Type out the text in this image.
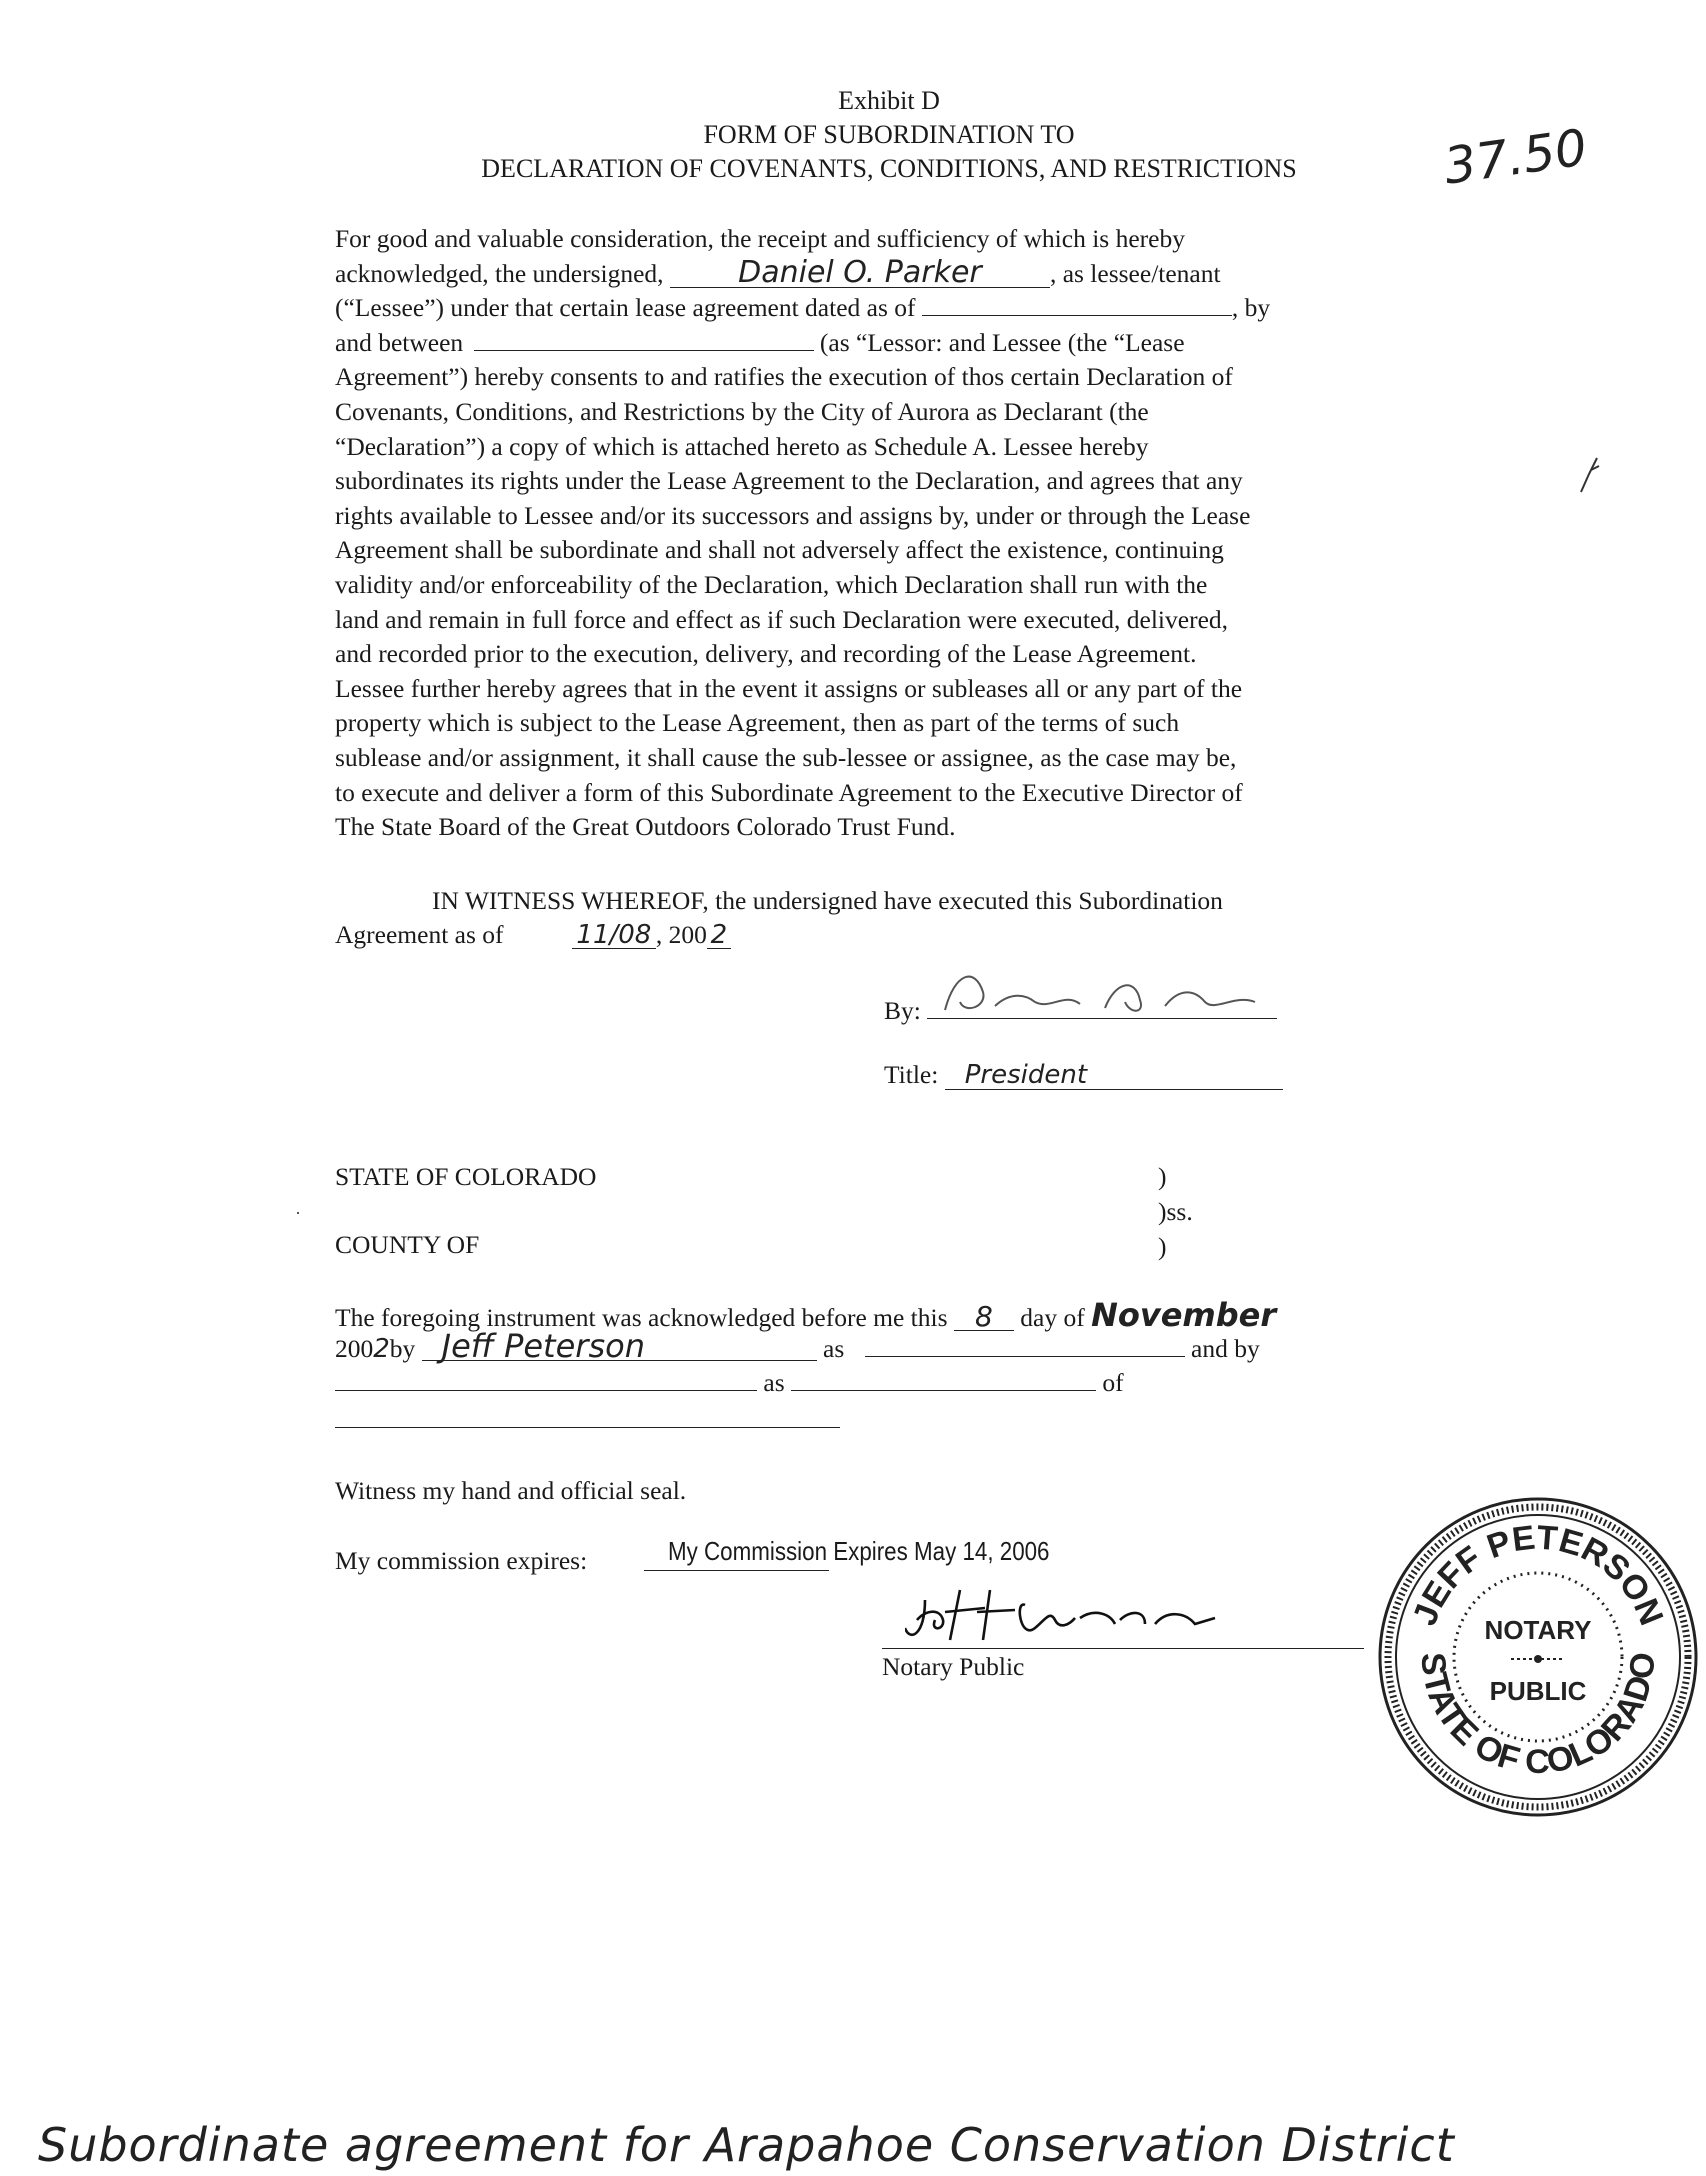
Exhibit D
FORM OF SUBORDINATION TO
DECLARATION OF COVENANTS, CONDITIONS, AND RESTRICTIONS	37.50
For good and valuable consideration, the receipt and sufficiency of which is hereby
acknowledged, the undersigned, Daniel O. Parker	, as lessee/tenant
(“Lessee”) under that certain lease agreement dated as of	, by
and between	(as “Lessor: and Lessee (the “Lease
Agreement”) hereby consents to and ratifies the execution of thos certain Declaration of
Covenants, Conditions, and Restrictions by the City of Aurora as Declarant (the
“Declaration”) a copy of which is attached hereto as Schedule A. Lessee hereby
subordinates its rights under the Lease Agreement to the Declaration, and agrees that any
rights available to Lessee and/or its successors and assigns by, under or through the Lease
Agreement shall be subordinate and shall not adversely affect the existence, continuing
validity and/or enforceability of the Declaration, which Declaration shall run with the
land and remain in full force and effect as if such Declaration were executed, delivered,
and recorded prior to the execution, delivery, and recording of the Lease Agreement.
Lessee further hereby agrees that in the event it assigns or subleases all or any part of the
property which is subject to the Lease Agreement, then as part of the terms of such
sublease and/or assignment, it shall cause the sub-lessee or assignee, as the case may be,
to execute and deliver a form of this Subordinate Agreement to the Executive Director of
The State Board of the Great Outdoors Colorado Trust Fund.
IN WITNESS WHEREOF, the undersigned have executed this Subordination
Agreement as of	11/08 , 200 2
By:
Title: President
STATE OF COLORADO	)
)ss.
COUNTY OF	)
The foregoing instrument was acknowledged before me this 8 day of November
2002by Jeff Peterson	as	and by
as	of
Witness my hand and official seal.
My commission expires:	My Commission Expires May 14, 2006
Notary Public
JEFF PETERSON
STATE OF COLORADO
NOTARY
PUBLIC
Subordinate agreement for Arapahoe Conservation District
